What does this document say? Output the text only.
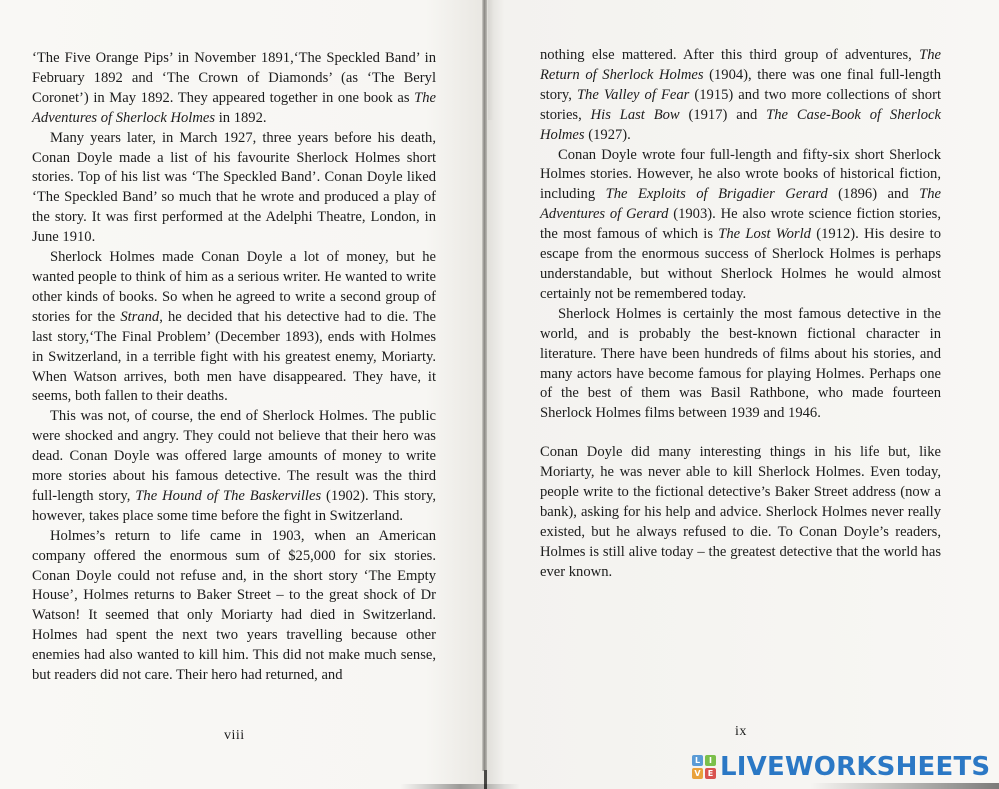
‘The Five Orange Pips’ in November 1891,‘The Speckled Band’ in February 1892 and ‘The Crown of Diamonds’ (as ‘The Beryl Coronet’) in May 1892. They appeared together in one book as The Adventures of Sherlock Holmes in 1892.

Many years later, in March 1927, three years before his death, Conan Doyle made a list of his favourite Sherlock Holmes short stories. Top of his list was ‘The Speckled Band’. Conan Doyle liked ‘The Speckled Band’ so much that he wrote and produced a play of the story. It was first performed at the Adelphi Theatre, London, in June 1910.

Sherlock Holmes made Conan Doyle a lot of money, but he wanted people to think of him as a serious writer. He wanted to write other kinds of books. So when he agreed to write a second group of stories for the Strand, he decided that his detective had to die. The last story,‘The Final Problem’ (December 1893), ends with Holmes in Switzerland, in a terrible fight with his greatest enemy, Moriarty. When Watson arrives, both men have disappeared. They have, it seems, both fallen to their deaths.

This was not, of course, the end of Sherlock Holmes. The public were shocked and angry. They could not believe that their hero was dead. Conan Doyle was offered large amounts of money to write more stories about his famous detective. The result was the third full-length story, The Hound of The Baskervilles (1902). This story, however, takes place some time before the fight in Switzerland.

Holmes’s return to life came in 1903, when an American company offered the enormous sum of $25,000 for six stories. Conan Doyle could not refuse and, in the short story ‘The Empty House’, Holmes returns to Baker Street – to the great shock of Dr Watson! It seemed that only Moriarty had died in Switzerland. Holmes had spent the next two years travelling because other enemies had also wanted to kill him. This did not make much sense, but readers did not care. Their hero had returned, and

viii

nothing else mattered. After this third group of adventures, The Return of Sherlock Holmes (1904), there was one final full-length story, The Valley of Fear (1915) and two more collections of short stories, His Last Bow (1917) and The Case-Book of Sherlock Holmes (1927).

Conan Doyle wrote four full-length and fifty-six short Sherlock Holmes stories. However, he also wrote books of historical fiction, including The Exploits of Brigadier Gerard (1896) and The Adventures of Gerard (1903). He also wrote science fiction stories, the most famous of which is The Lost World (1912). His desire to escape from the enormous success of Sherlock Holmes is perhaps understandable, but without Sherlock Holmes he would almost certainly not be remembered today.

Sherlock Holmes is certainly the most famous detective in the world, and is probably the best-known fictional character in literature. There have been hundreds of films about his stories, and many actors have become famous for playing Holmes. Perhaps one of the best of them was Basil Rathbone, who made fourteen Sherlock Holmes films between 1939 and 1946.

Conan Doyle did many interesting things in his life but, like Moriarty, he was never able to kill Sherlock Holmes. Even today, people write to the fictional detective’s Baker Street address (now a bank), asking for his help and advice. Sherlock Holmes never really existed, but he always refused to die. To Conan Doyle’s readers, Holmes is still alive today – the greatest detective that the world has ever known.

ix
L	I
V E LIVEWORKSHEETS
